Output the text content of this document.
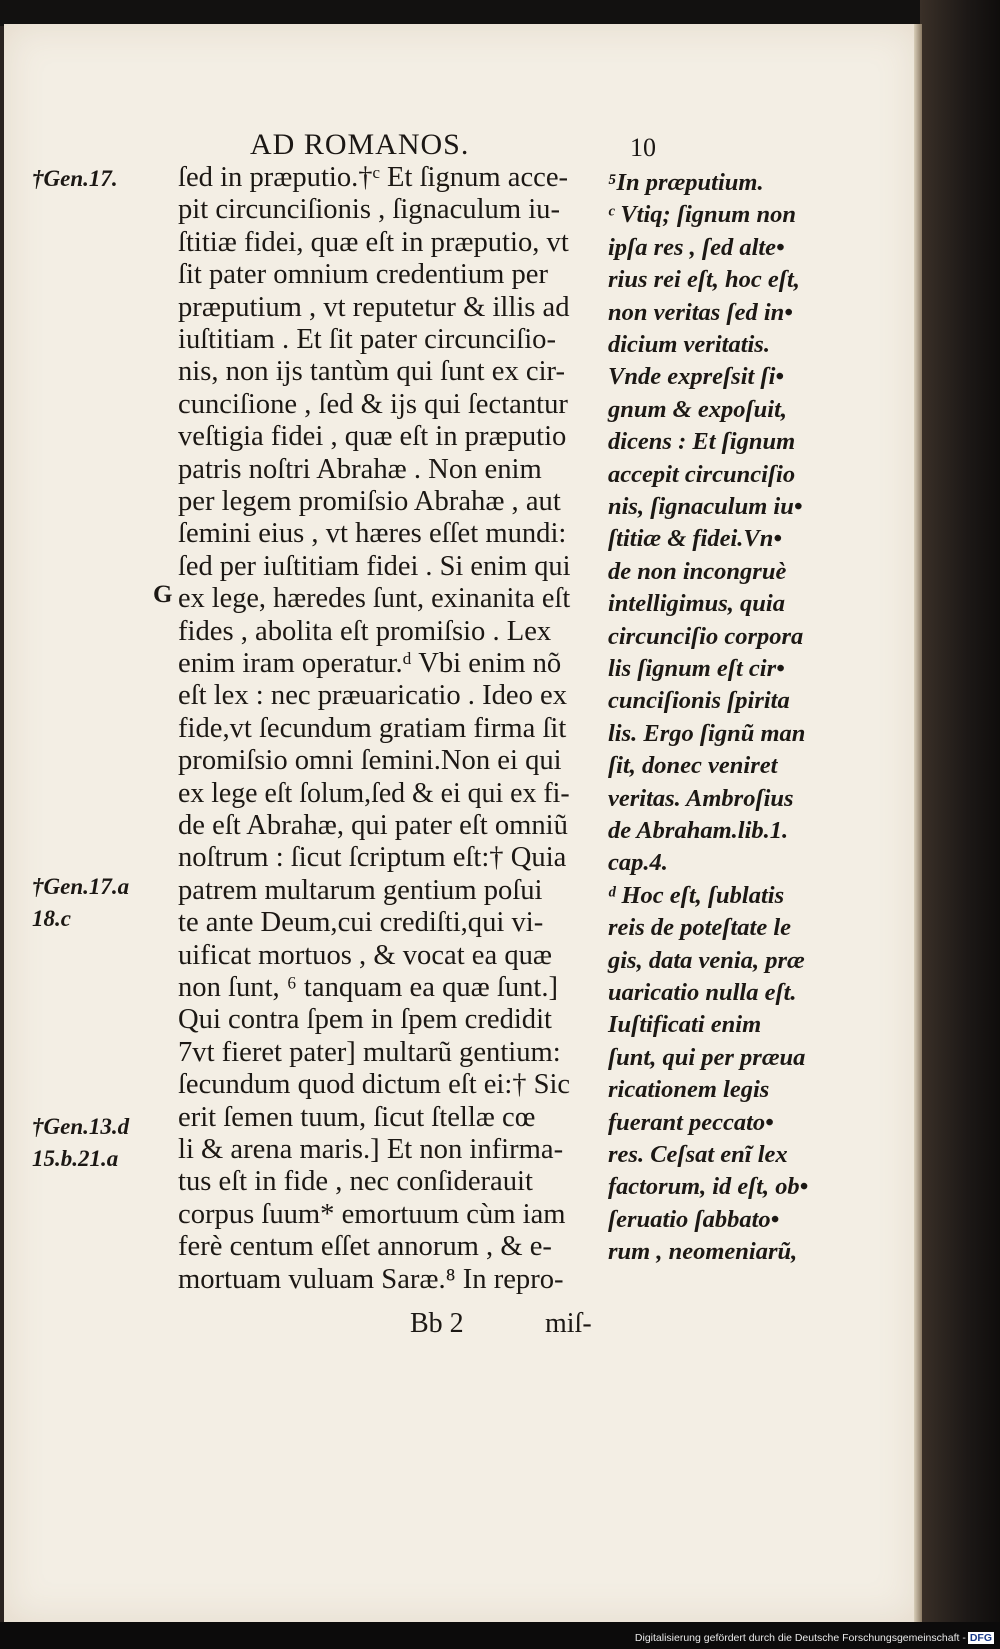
AD ROMANOS.	10
†Gen.17.
†Gen.17.a
18.c
†Gen.13.d
15.b.21.a
G
ſed in præputio.†ᶜ Et ſignum acce-
pit circunciſionis , ſignaculum iu-
ſtitiæ fidei, quæ eſt in præputio, vt
ſit pater omnium credentium per
præputium , vt reputetur & illis ad
iuſtitiam . Et ſit pater circunciſio-
nis, non ijs tantùm qui ſunt ex cir-
cunciſione , ſed & ijs qui ſectantur
veſtigia fidei , quæ eſt in præputio
patris noſtri Abrahæ . Non enim
per legem promiſsio Abrahæ , aut
ſemini eius , vt hæres eſſet mundi:
ſed per iuſtitiam fidei . Si enim qui
ex lege, hæredes ſunt, exinanita eſt
fides , abolita eſt promiſsio . Lex
enim iram operatur.ᵈ Vbi enim nõ
eſt lex : nec præuaricatio . Ideo ex
fide,vt ſecundum gratiam firma ſit
promiſsio omni ſemini.Non ei qui
ex lege eſt ſolum,ſed & ei qui ex fi-
de eſt Abrahæ, qui pater eſt omniũ
noſtrum : ſicut ſcriptum eſt:† Quia
patrem multarum gentium poſui
te ante Deum,cui crediſti,qui vi-
uificat mortuos , & vocat ea quæ
non ſunt, ⁶ tanquam ea quæ ſunt.]
Qui contra ſpem in ſpem credidit
7vt fieret pater] multarũ gentium:
ſecundum quod dictum eſt ei:† Sic
erit ſemen tuum, ſicut ſtellæ cœ
li & arena maris.] Et non infirma-
tus eſt in fide , nec conſiderauit
corpus ſuum* emortuum cùm iam
ferè centum eſſet annorum , & e-
mortuam vuluam Saræ.⁸ In repro-
⁵In præputium.
ᶜ Vtiq; ſignum non
ipſa res , ſed alte•
rius rei eſt, hoc eſt,
non veritas ſed in•
dicium veritatis.
Vnde expreſsit ſi•
gnum & expoſuit,
dicens : Et ſignum
accepit circunciſio
nis, ſignaculum iu•
ſtitiæ & fidei.Vn•
de non incongruè
intelligimus, quia
circunciſio corpora
lis ſignum eſt cir•
cunciſionis ſpirita
lis. Ergo ſignũ man
ſit, donec veniret
veritas. Ambroſius
de Abraham.lib.1.
cap.4.
ᵈ Hoc eſt, ſublatis
reis de poteſtate le
gis, data venia, præ
uaricatio nulla eſt.
Iuſtificati enim
ſunt, qui per præua
ricationem legis
fuerant peccato•
res. Ceſsat enĩ lex
factorum, id eſt, ob•
ſeruatio ſabbato•
rum , neomeniarũ,
Bb 2	miſ-
Digitalisierung gefördert durch die Deutsche Forschungsgemeinschaft - DFG
